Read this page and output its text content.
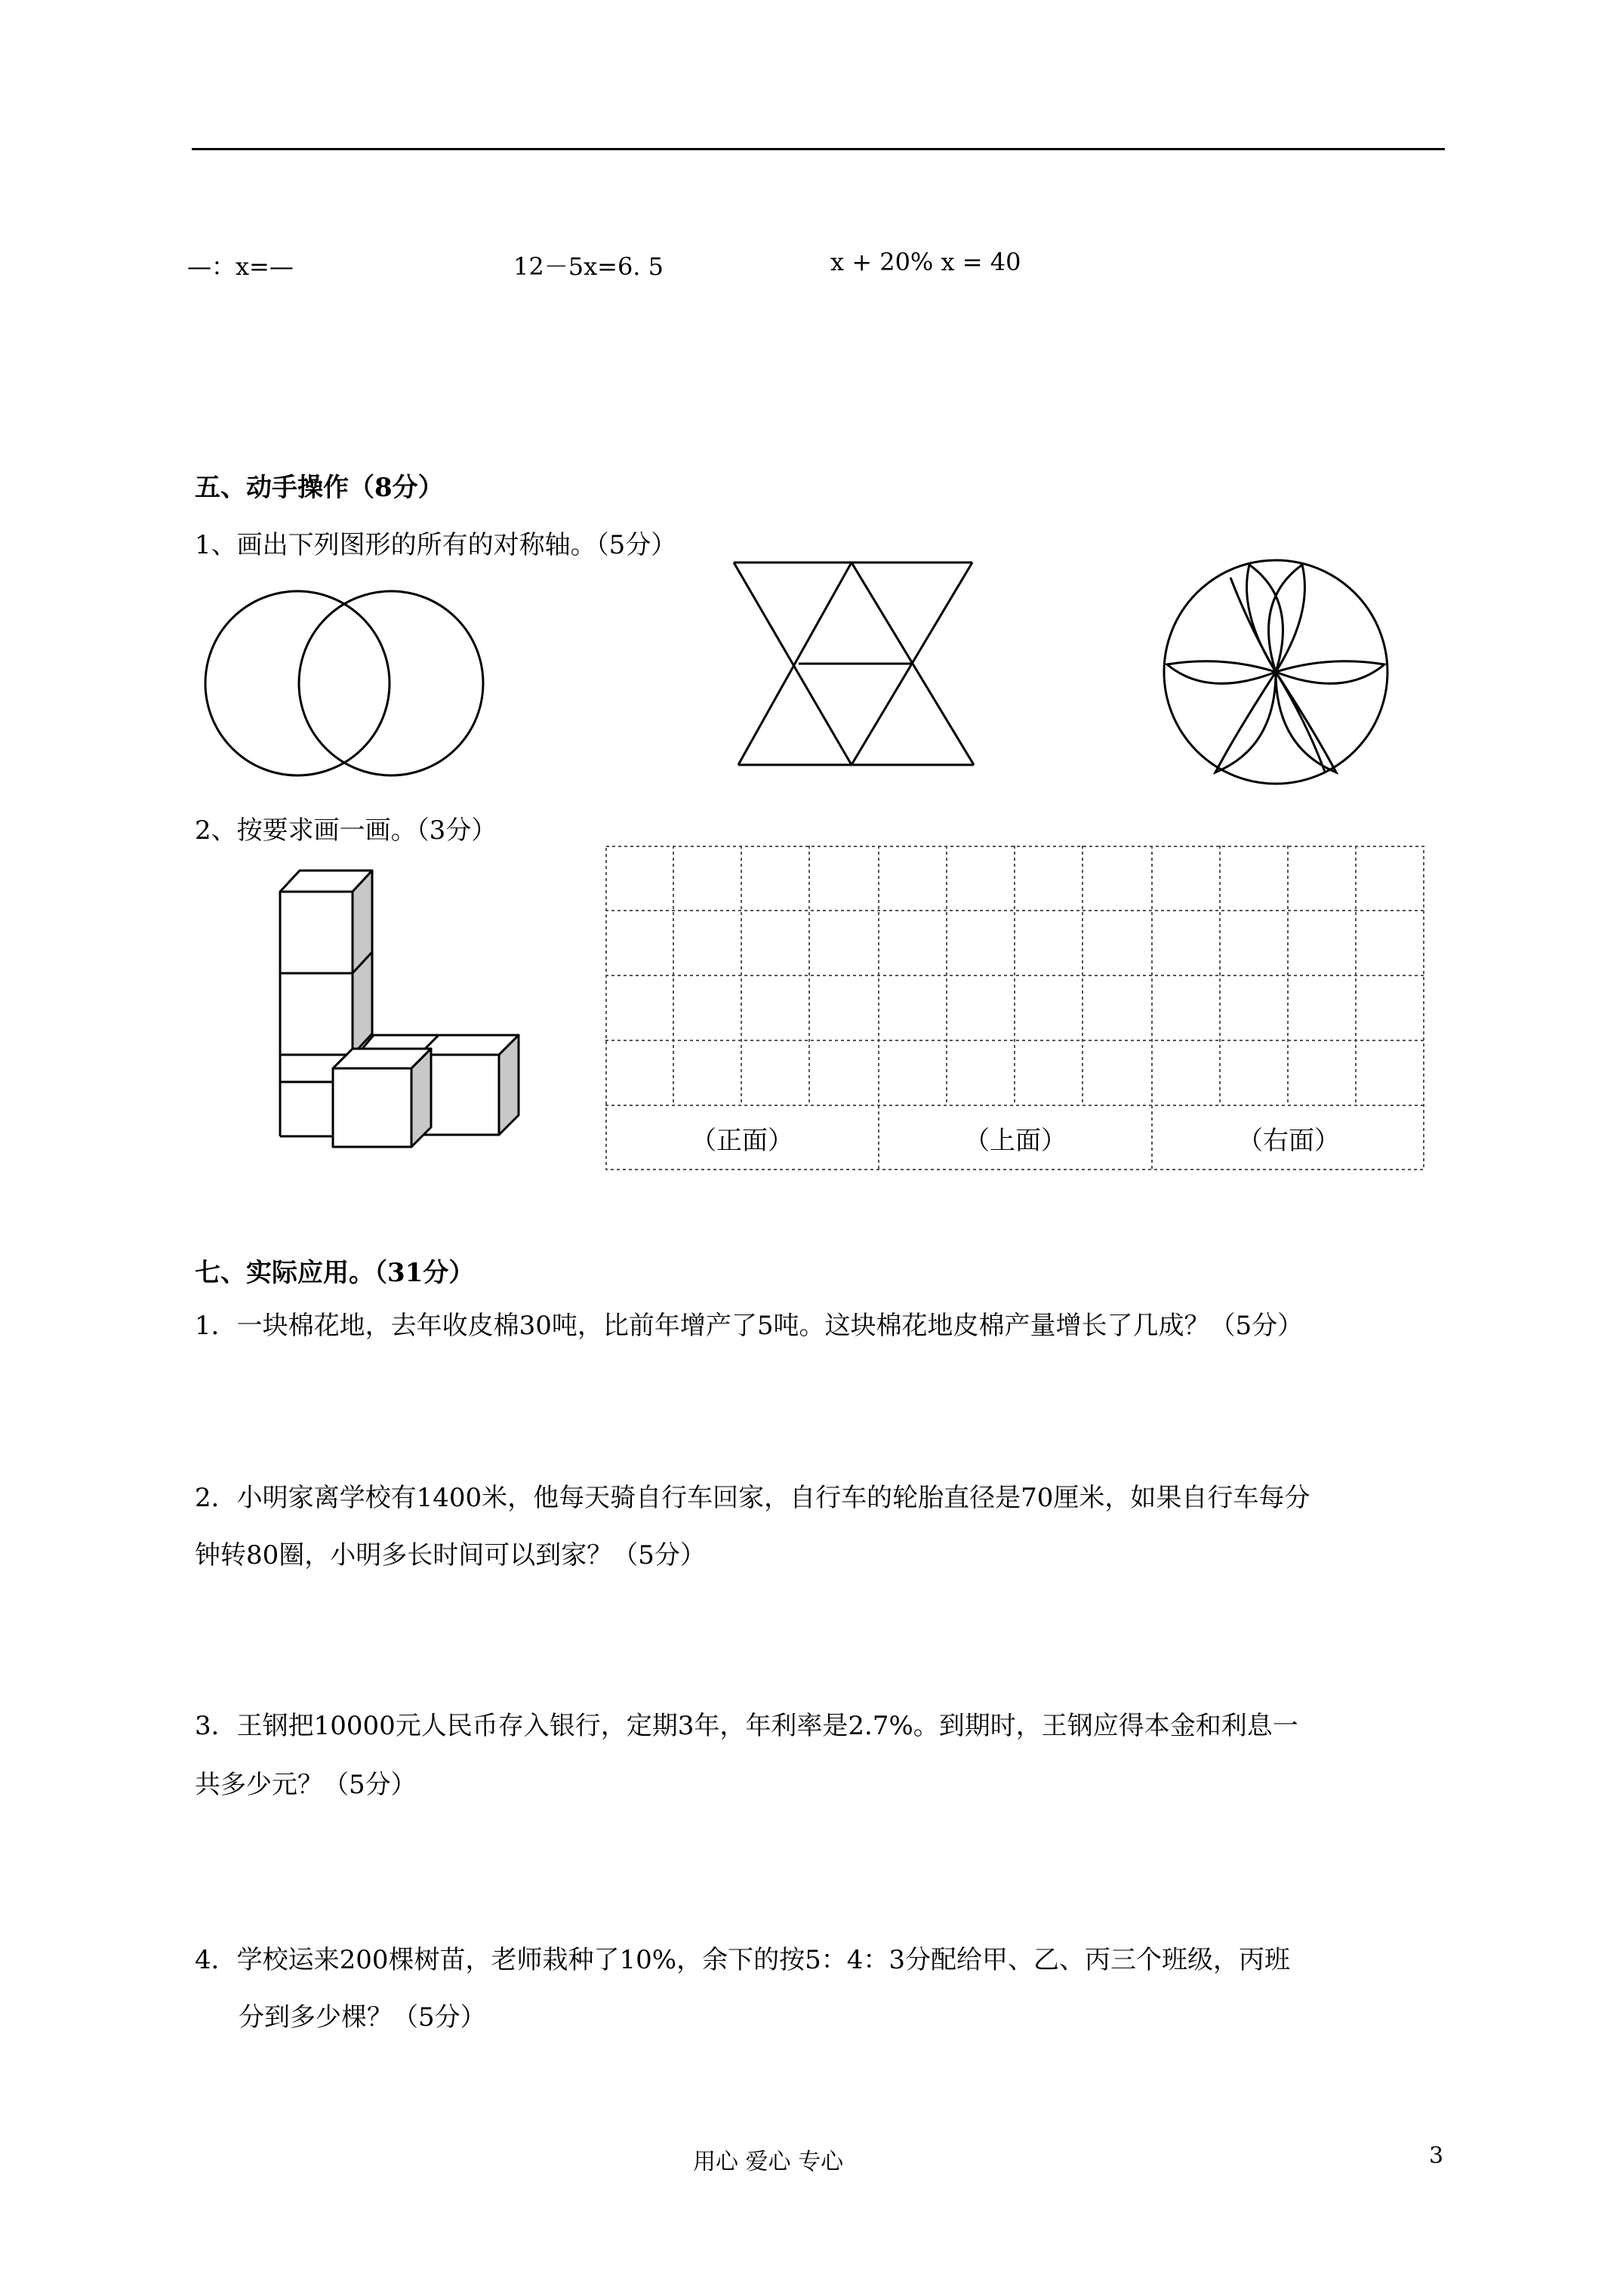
—：x=—	12－5x=6. 5	x + 20% x = 40
五、动手操作（8分）
1、画出下列图形的所有的对称轴。（5分）
2、按要求画一画。（3分）
（正面）	（上面）	（右面）
七、实际应用。（31分）
1．一块棉花地，去年收皮棉30吨，比前年增产了5吨。这块棉花地皮棉产量增长了几成？（5分）
2．小明家离学校有1400米，他每天骑自行车回家，自行车的轮胎直径是70厘米，如果自行车每分
钟转80圈，小明多长时间可以到家？（5分）
3．王钢把10000元人民币存入银行，定期3年，年利率是2.7%。到期时，王钢应得本金和利息一
共多少元？（5分）
4．学校运来200棵树苗，老师栽种了10%，余下的按5：4：3分配给甲、乙、丙三个班级，丙班
分到多少棵？（5分）
用心 爱心 专心	3
